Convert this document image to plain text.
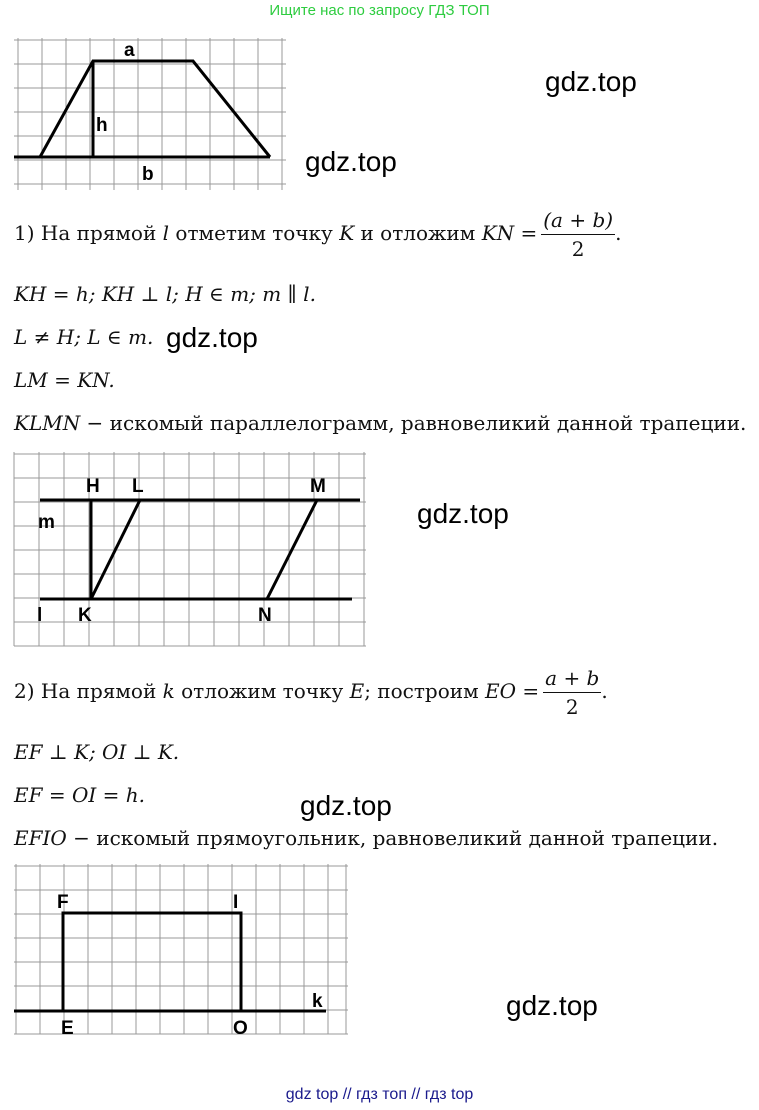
Ищите нас по запросу ГДЗ ТОП
a
h
b
gdz.top
gdz.top
1) На прямой l отметим точку K и отложим KN = $\frac{(a + b)}{2}$ .
KH = h; KH ⊥ l; H ∈ m; m ∥ l.
L ≠ H; L ∈ m. gdz.top
LM = KN.
KLMN − искомый параллелограмм, равновеликий данной трапеции.
H L	M
m
l K	N
gdz.top
2) На прямой k отложим точку E; построим EO = $\frac{a + b}{2}$ .
EF ⊥ K; OI ⊥ K.
EF = OI = h.	gdz.top
EFIO − искомый прямоугольник, равновеликий данной трапеции.
F	I
k
E	O
gdz.top
gdz top // гдз топ // гдз top
